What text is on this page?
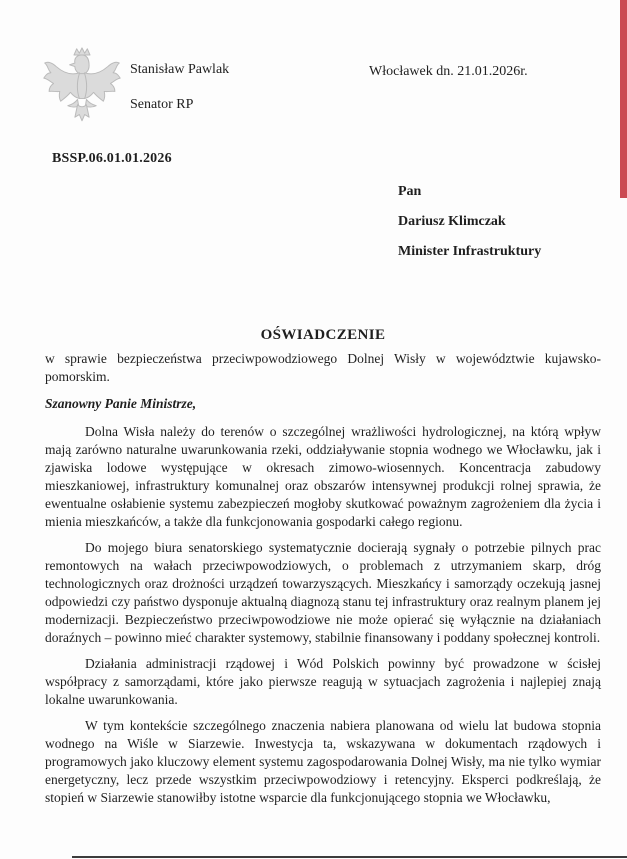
Stanisław Pawlak
Senator RP
Włocławek dn. 21.01.2026r.
BSSP.06.01.01.2026
Pan
Dariusz Klimczak
Minister Infrastruktury
OŚWIADCZENIE

w sprawie bezpieczeństwa przeciwpowodziowego Dolnej Wisły w województwie kujawsko-pomorskim.

Szanowny Panie Ministrze,

Dolna Wisła należy do terenów o szczególnej wrażliwości hydrologicznej, na którą wpływ mają zarówno naturalne uwarunkowania rzeki, oddziaływanie stopnia wodnego we Włocławku, jak i zjawiska lodowe występujące w okresach zimowo-wiosennych. Koncentracja zabudowy mieszkaniowej, infrastruktury komunalnej oraz obszarów intensywnej produkcji rolnej sprawia, że ewentualne osłabienie systemu zabezpieczeń mogłoby skutkować poważnym zagrożeniem dla życia i mienia mieszkańców, a także dla funkcjonowania gospodarki całego regionu.

Do mojego biura senatorskiego systematycznie docierają sygnały o potrzebie pilnych prac remontowych na wałach przeciwpowodziowych, o problemach z utrzymaniem skarp, dróg technologicznych oraz drożności urządzeń towarzyszących. Mieszkańcy i samorządy oczekują jasnej odpowiedzi czy państwo dysponuje aktualną diagnozą stanu tej infrastruktury oraz realnym planem jej modernizacji. Bezpieczeństwo przeciwpowodziowe nie może opierać się wyłącznie na działaniach doraźnych – powinno mieć charakter systemowy, stabilnie finansowany i poddany społecznej kontroli.

Działania administracji rządowej i Wód Polskich powinny być prowadzone w ścisłej współpracy z samorządami, które jako pierwsze reagują w sytuacjach zagrożenia i najlepiej znają lokalne uwarunkowania.

W tym kontekście szczególnego znaczenia nabiera planowana od wielu lat budowa stopnia wodnego na Wiśle w Siarzewie. Inwestycja ta, wskazywana w dokumentach rządowych i programowych jako kluczowy element systemu zagospodarowania Dolnej Wisły, ma nie tylko wymiar energetyczny, lecz przede wszystkim przeciwpowodziowy i retencyjny. Eksperci podkreślają, że stopień w Siarzewie stanowiłby istotne wsparcie dla funkcjonującego stopnia we Włocławku,
